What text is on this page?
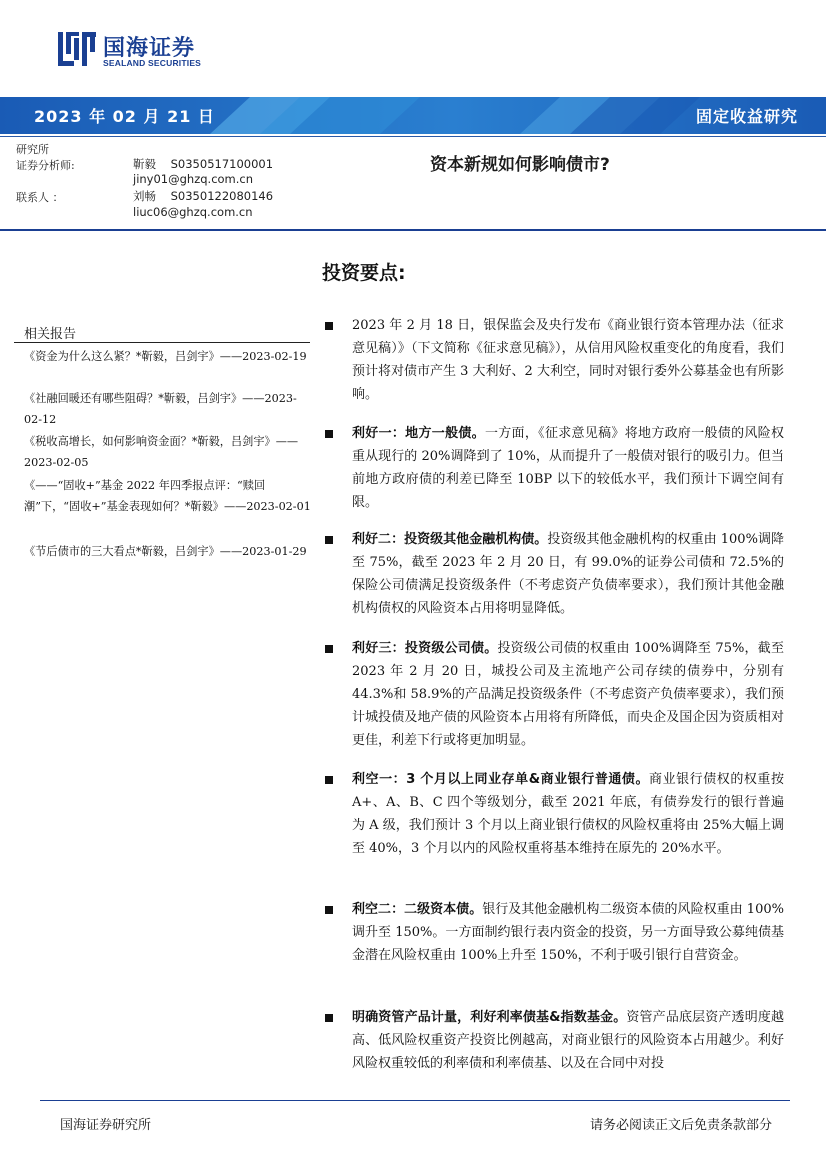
国海证券
SEALAND SECURITIES
2023 年 02 月 21 日	固定收益研究
研究所
证券分析师:	靳毅 S0350517100001
jiny01@ghzq.com.cn
联系人 ：	刘畅 S0350122080146
liuc06@ghzq.com.cn
资本新规如何影响债市?
投资要点:
相关报告
《资金为什么这么紧？*靳毅，吕剑宇》——2023-02-19
《社融回暖还有哪些阻碍？*靳毅，吕剑宇》——2023-02-12
《税收高增长，如何影响资金面？*靳毅，吕剑宇》——2023-02-05
《——“固收+”基金 2022 年四季报点评：“赎回潮”下，“固收+”基金表现如何？*靳毅》——2023-02-01
《节后债市的三大看点*靳毅，吕剑宇》——2023-01-29
2023 年 2 月 18 日，银保监会及央行发布《商业银行资本管理办法（征求意见稿）》（下文简称《征求意见稿》），从信用风险权重变化的角度看，我们预计将对债市产生 3 大利好、2 大利空，同时对银行委外公募基金也有所影响。
利好一：地方一般债。一方面，《征求意见稿》将地方政府一般债的风险权重从现行的 20%调降到了 10%，从而提升了一般债对银行的吸引力。但当前地方政府债的利差已降至 10BP 以下的较低水平，我们预计下调空间有限。
利好二：投资级其他金融机构债。投资级其他金融机构的权重由 100%调降至 75%，截至 2023 年 2 月 20 日，有 99.0%的证券公司债和 72.5%的保险公司债满足投资级条件（不考虑资产负债率要求），我们预计其他金融机构债权的风险资本占用将明显降低。
利好三：投资级公司债。投资级公司债的权重由 100%调降至 75%，截至 2023 年 2 月 20 日，城投公司及主流地产公司存续的债券中，分别有 44.3%和 58.9%的产品满足投资级条件（不考虑资产负债率要求），我们预计城投债及地产债的风险资本占用将有所降低，而央企及国企因为资质相对更佳，利差下行或将更加明显。
利空一：3 个月以上同业存单&商业银行普通债。商业银行债权的权重按 A+、A、B、C 四个等级划分，截至 2021 年底，有债券发行的银行普遍为 A 级，我们预计 3 个月以上商业银行债权的风险权重将由 25%大幅上调至 40%，3 个月以内的风险权重将基本维持在原先的 20%水平。
利空二：二级资本债。银行及其他金融机构二级资本债的风险权重由 100%调升至 150%。一方面制约银行表内资金的投资，另一方面导致公募纯债基金潜在风险权重由 100%上升至 150%，不利于吸引银行自营资金。
明确资管产品计量，利好利率债基&指数基金。资管产品底层资产透明度越高、低风险权重资产投资比例越高，对商业银行的风险资本占用越少。利好风险权重较低的利率债和利率债基、以及在合同中对投
国海证券研究所	请务必阅读正文后免责条款部分
